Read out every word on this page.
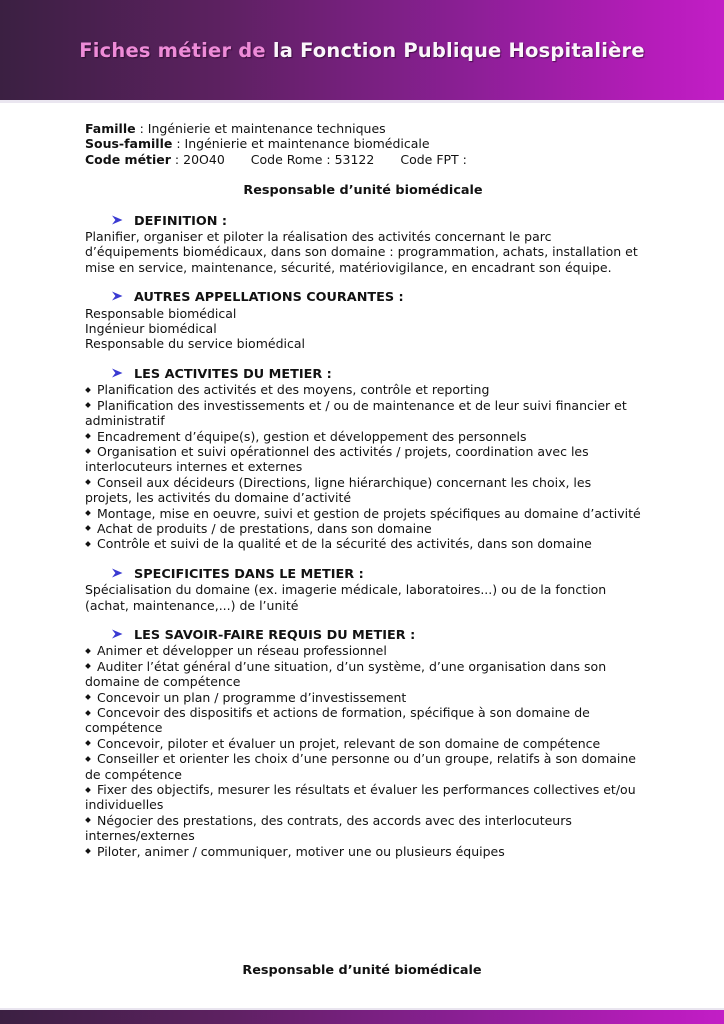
Fiches métier de la Fonction Publique Hospitalière

Famille : Ingénierie et maintenance techniques

Sous-famille : Ingénierie et maintenance biomédicale

Code métier : 20O40 Code Rome : 53122 Code FPT :

Responsable d’unité biomédicale

DEFINITION :

Planifier, organiser et piloter la réalisation des activités concernant le parc d’équipements biomédicaux, dans son domaine : programmation, achats, installation et mise en service, maintenance, sécurité, matériovigilance, en encadrant son équipe.

AUTRES APPELLATIONS COURANTES :

Responsable biomédical

Ingénieur biomédical

Responsable du service biomédical

LES ACTIVITES DU METIER :

Planification des activités et des moyens, contrôle et reporting

Planification des investissements et / ou de maintenance et de leur suivi financier et administratif

Encadrement d’équipe(s), gestion et développement des personnels

Organisation et suivi opérationnel des activités / projets, coordination avec les interlocuteurs internes et externes

Conseil aux décideurs (Directions, ligne hiérarchique) concernant les choix, les projets, les activités du domaine d’activité

Montage, mise en oeuvre, suivi et gestion de projets spécifiques au domaine d’activité

Achat de produits / de prestations, dans son domaine

Contrôle et suivi de la qualité et de la sécurité des activités, dans son domaine

SPECIFICITES DANS LE METIER :

Spécialisation du domaine (ex. imagerie médicale, laboratoires...) ou de la fonction (achat, maintenance,...) de l’unité

LES SAVOIR-FAIRE REQUIS DU METIER :

Animer et développer un réseau professionnel

Auditer l’état général d’une situation, d’un système, d’une organisation dans son domaine de compétence

Concevoir un plan / programme d’investissement

Concevoir des dispositifs et actions de formation, spécifique à son domaine de compétence

Concevoir, piloter et évaluer un projet, relevant de son domaine de compétence

Conseiller et orienter les choix d’une personne ou d’un groupe, relatifs à son domaine de compétence

Fixer des objectifs, mesurer les résultats et évaluer les performances collectives et/ou individuelles

Négocier des prestations, des contrats, des accords avec des interlocuteurs internes/externes

Piloter, animer / communiquer, motiver une ou plusieurs équipes

Responsable d’unité biomédicale
